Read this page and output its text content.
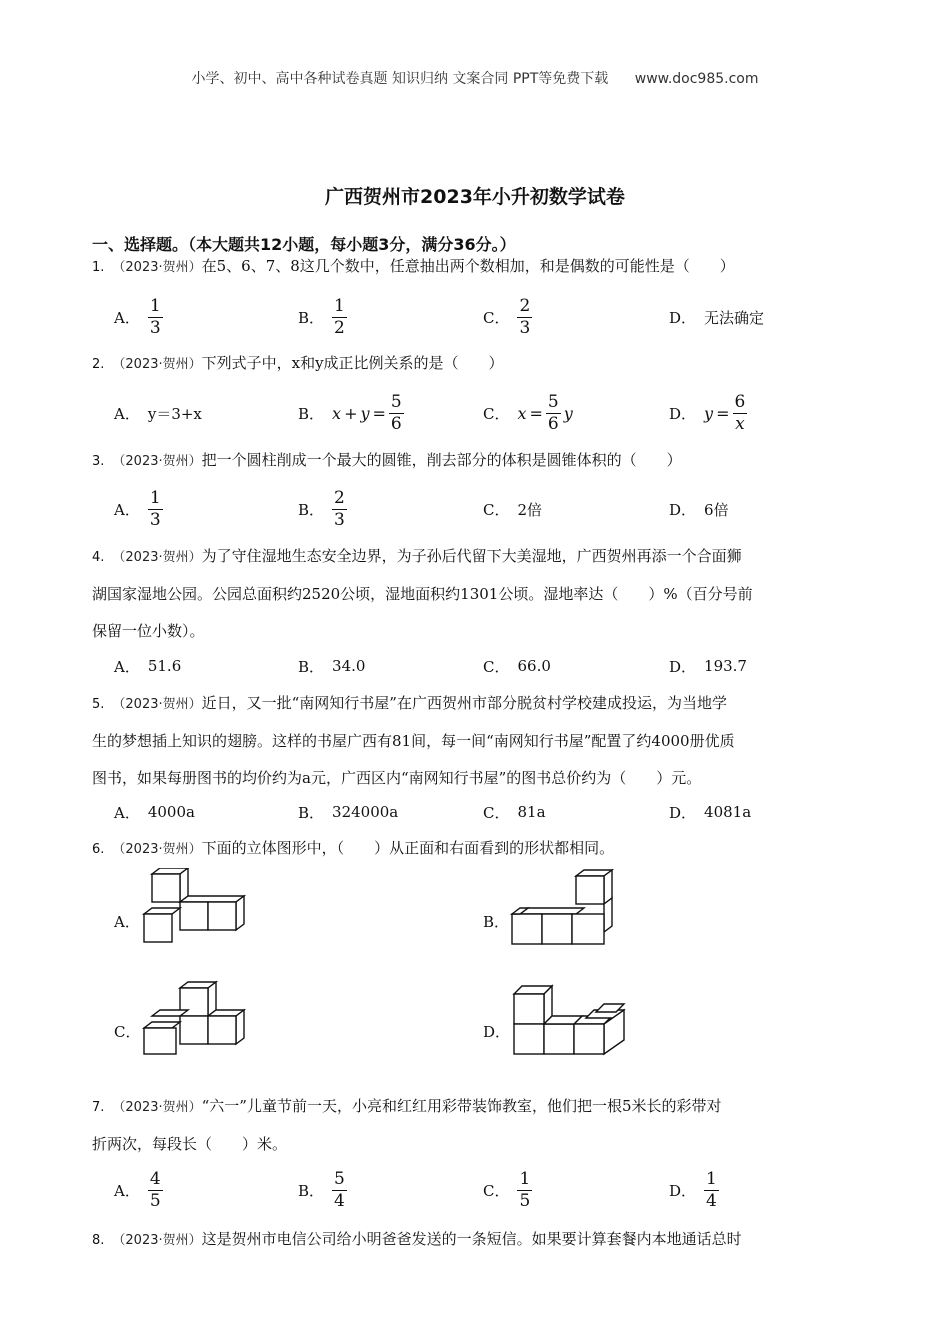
小学、初中、高中各种试卷真题 知识归纳 文案合同 PPT等免费下载 www.doc985.com
广西贺州市2023年小升初数学试卷
一、选择题。（本大题共12小题，每小题3分，满分36分。）
1. （2023·贺州）在5、6、7、8这几个数中，任意抽出两个数相加，和是偶数的可能性是（　　）
A． $\frac{1}{3}$	B． $\frac{1}{2}$	C． $\frac{2}{3}$	D． 无法确定
2. （2023·贺州）下列式子中，x和y成正比例关系的是（　　）
A． y＝3+x	B． $x + y = \frac{5}{6}$	C． $x = \frac{5}{6}$ y	D． $y = \frac{6}{x}$
3. （2023·贺州）把一个圆柱削成一个最大的圆锥，削去部分的体积是圆锥体积的（　　）
A． $\frac{1}{3}$	B． $\frac{2}{3}$	C． 2倍	D． 6倍
4. （2023·贺州）为了守住湿地生态安全边界，为子孙后代留下大美湿地，广西贺州再添一个合面狮
湖国家湿地公园。公园总面积约2520公顷，湿地面积约1301公顷。湿地率达（　　）%（百分号前
保留一位小数）。
A． 51.6	B． 34.0	C． 66.0	D． 193.7
5. （2023·贺州）近日，又一批“南网知行书屋”在广西贺州市部分脱贫村学校建成投运，为当地学
生的梦想插上知识的翅膀。这样的书屋广西有81间，每一间“南网知行书屋”配置了约4000册优质
图书，如果每册图书的均价约为a元，广西区内“南网知行书屋”的图书总价约为（　　）元。
A． 4000a	B． 324000a	C． 81a	D． 4081a
6. （2023·贺州）下面的立体图形中，（　　）从正面和右面看到的形状都相同。
A．	B．
C．	D．
7. （2023·贺州）“六一”儿童节前一天，小亮和红红用彩带装饰教室，他们把一根5米长的彩带对
折两次，每段长（　　）米。
A． $\frac{4}{5}$	B． $\frac{5}{4}$	C． $\frac{1}{5}$	D． $\frac{1}{4}$
8. （2023·贺州）这是贺州市电信公司给小明爸爸发送的一条短信。如果要计算套餐内本地通话总时
